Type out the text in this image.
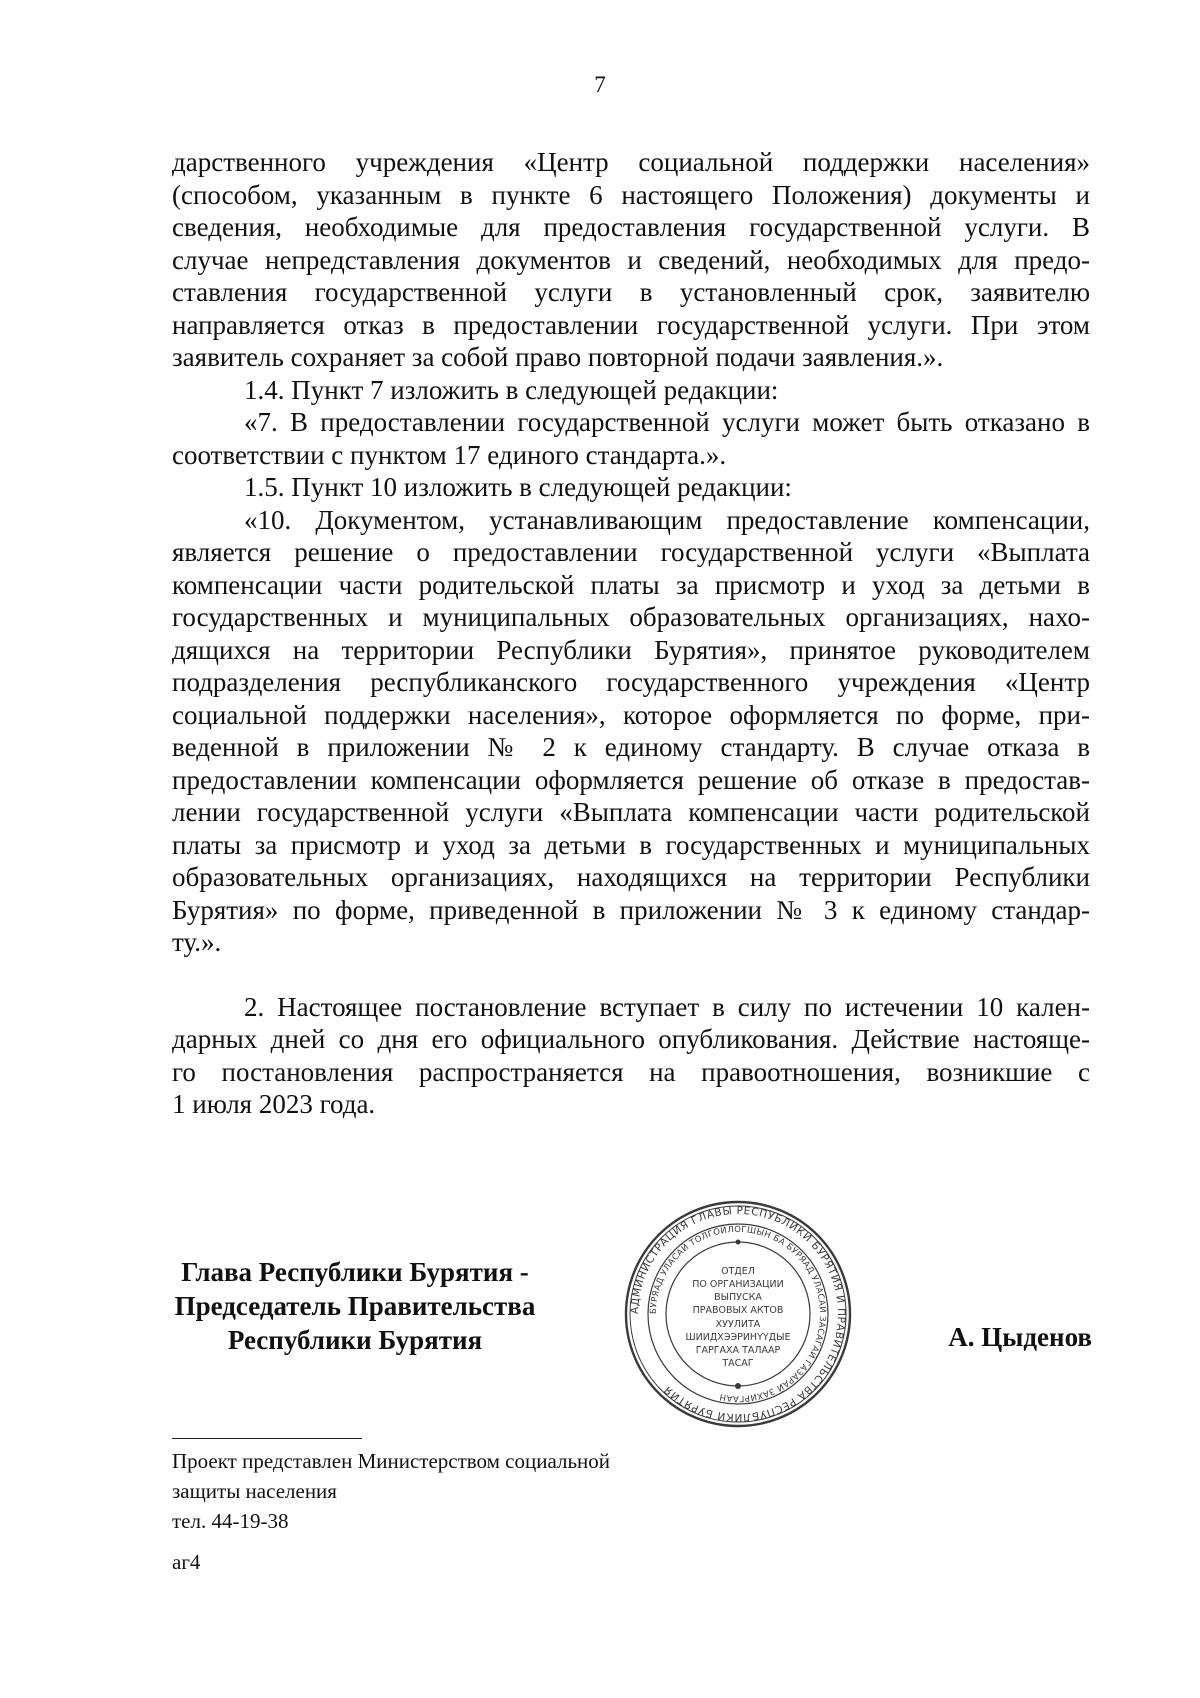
7

дарственного учреждения «Центр социальной поддержки населения»

(способом, указанным в пункте 6 настоящего Положения) документы и

сведения, необходимые для предоставления государственной услуги. В

случае непредставления документов и сведений, необходимых для предо-

ставления государственной услуги в установленный срок, заявителю

направляется отказ в предоставлении государственной услуги. При этом

заявитель сохраняет за собой право повторной подачи заявления.».

1.4. Пункт 7 изложить в следующей редакции:

«7. В предоставлении государственной услуги может быть отказано в

соответствии с пунктом 17 единого стандарта.».

1.5. Пункт 10 изложить в следующей редакции:

«10. Документом, устанавливающим предоставление компенсации,

является решение о предоставлении государственной услуги «Выплата

компенсации части родительской платы за присмотр и уход за детьми в

государственных и муниципальных образовательных организациях, нахо-

дящихся на территории Республики Бурятия», принятое руководителем

подразделения республиканского государственного учреждения «Центр

социальной поддержки населения», которое оформляется по форме, при-

веденной в приложении № 2 к единому стандарту. В случае отказа в

предоставлении компенсации оформляется решение об отказе в предостав-

лении государственной услуги «Выплата компенсации части родительской

платы за присмотр и уход за детьми в государственных и муниципальных

образовательных организациях, находящихся на территории Республики

Бурятия» по форме, приведенной в приложении № 3 к единому стандар-

ту.».

2. Настоящее постановление вступает в силу по истечении 10 кален-

дарных дней со дня его официального опубликования. Действие настояще-

го постановления распространяется на правоотношения, возникшие с

1 июля 2023 года.

Глава Республики Бурятия -
Председатель Правительства
Республики Бурятия
АДМИНИСТРАЦИЯ ГЛАВЫ РЕСПУБЛИКИ БУРЯТИЯ И ПРАВИТЕЛЬСТВА РЕСПУБЛИКИ БУРЯТИЯ
БУРЯАД УЛАСАЙ ТОЛГОЙЛОГШЫН БА БУРЯАД УЛАСАЙ ЗАСАГАЙ ГАЗАРАЙ ЗАХИРГААН
ОТДЕЛ
ПО ОРГАНИЗАЦИИ
ВЫПУСКА
ПРАВОВЫХ АКТОВ
ХУУЛИТА
ШИИДХЭЭРИНҮҮДЫЕ
ГАРГАХА ТАЛААР
ТАСАГ
А. Цыденов
Проект представлен Министерством социальной
защиты населения
тел. 44-19-38
аг4
